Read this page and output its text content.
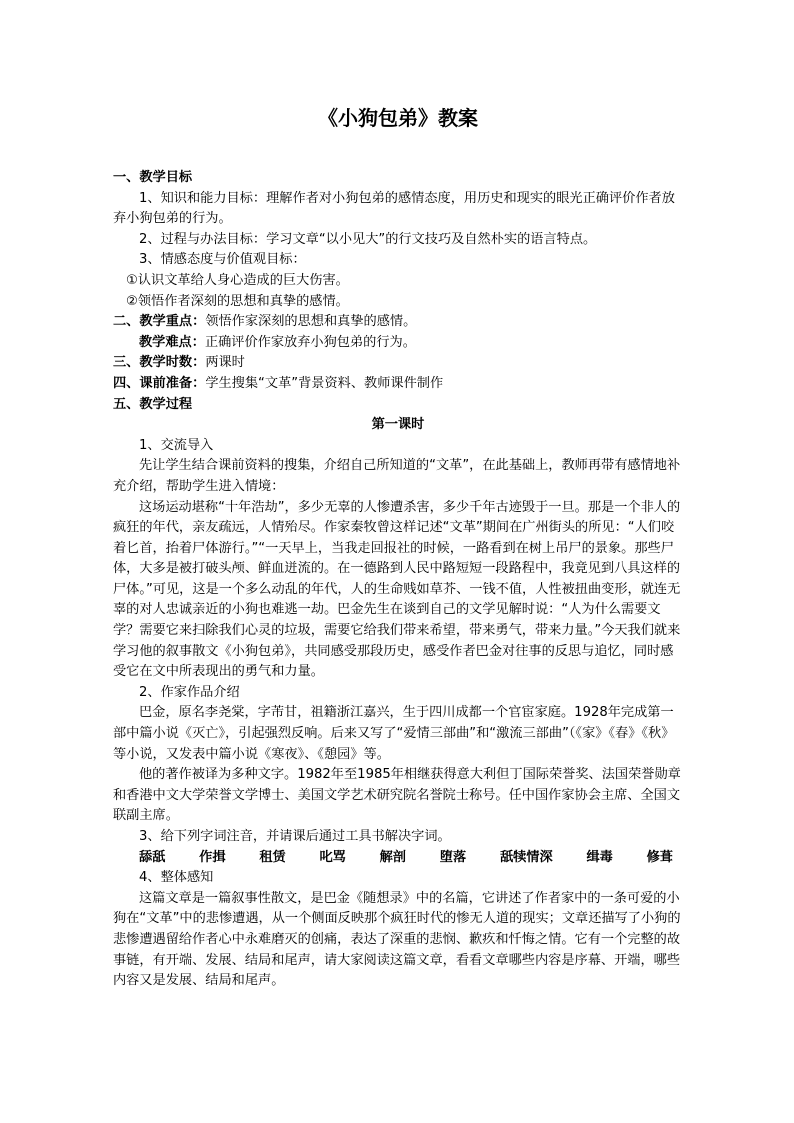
《小狗包弟》教案

一、教学目标

1、知识和能力目标：理解作者对小狗包弟的感情态度，用历史和现实的眼光正确评价作者放弃小狗包弟的行为。

2、过程与办法目标：学习文章“以小见大”的行文技巧及自然朴实的语言特点。

3、情感态度与价值观目标：

①认识文革给人身心造成的巨大伤害。

②领悟作者深刻的思想和真挚的感情。

二、教学重点：领悟作家深刻的思想和真挚的感情。

教学难点：正确评价作家放弃小狗包弟的行为。

三、教学时数：两课时

四、课前准备：学生搜集“文革”背景资料、教师课件制作

五、教学过程

第一课时

1、交流导入

先让学生结合课前资料的搜集，介绍自己所知道的“文革”，在此基础上，教师再带有感情地补充介绍，帮助学生进入情境：

这场运动堪称“十年浩劫”，多少无辜的人惨遭杀害，多少千年古迹毁于一旦。那是一个非人的疯狂的年代，亲友疏远，人情殆尽。作家秦牧曾这样记述“文革”期间在广州街头的所见：“人们咬着匕首，抬着尸体游行。”“一天早上，当我走回报社的时候，一路看到在树上吊尸的景象。那些尸体，大多是被打破头颅、鲜血迸流的。在一德路到人民中路短短一段路程中，我竟见到八具这样的尸体。”可见，这是一个多么动乱的年代，人的生命贱如草芥、一钱不值，人性被扭曲变形，就连无辜的对人忠诚亲近的小狗也难逃一劫。巴金先生在谈到自己的文学见解时说：“人为什么需要文学？需要它来扫除我们心灵的垃圾，需要它给我们带来希望，带来勇气，带来力量。”今天我们就来学习他的叙事散文《小狗包弟》，共同感受那段历史，感受作者巴金对往事的反思与追忆，同时感受它在文中所表现出的勇气和力量。

2、作家作品介绍

巴金，原名李尧棠，字芾甘，祖籍浙江嘉兴，生于四川成都一个官宦家庭。1928年完成第一部中篇小说《灭亡》，引起强烈反响。后来又写了“爱情三部曲”和“激流三部曲”（《家》《春》《秋》等小说，又发表中篇小说《寒夜》、《憩园》等。

他的著作被译为多种文字。1982年至1985年相继获得意大利但丁国际荣誉奖、法国荣誉勋章和香港中文大学荣誉文学博士、美国文学艺术研究院名誉院士称号。任中国作家协会主席、全国文联副主席。

3、给下列字词注音，并请课后通过工具书解决字词。

舔舐	作揖	租赁	叱骂	解剖	堕落	舐犊情深	缉毒	修葺

4、整体感知

这篇文章是一篇叙事性散文，是巴金《随想录》中的名篇，它讲述了作者家中的一条可爱的小狗在“文革”中的悲惨遭遇，从一个侧面反映那个疯狂时代的惨无人道的现实；文章还描写了小狗的悲惨遭遇留给作者心中永难磨灭的创痛，表达了深重的悲悯、歉疚和忏悔之情。它有一个完整的故事链，有开端、发展、结局和尾声，请大家阅读这篇文章，看看文章哪些内容是序幕、开端，哪些内容又是发展、结局和尾声。
